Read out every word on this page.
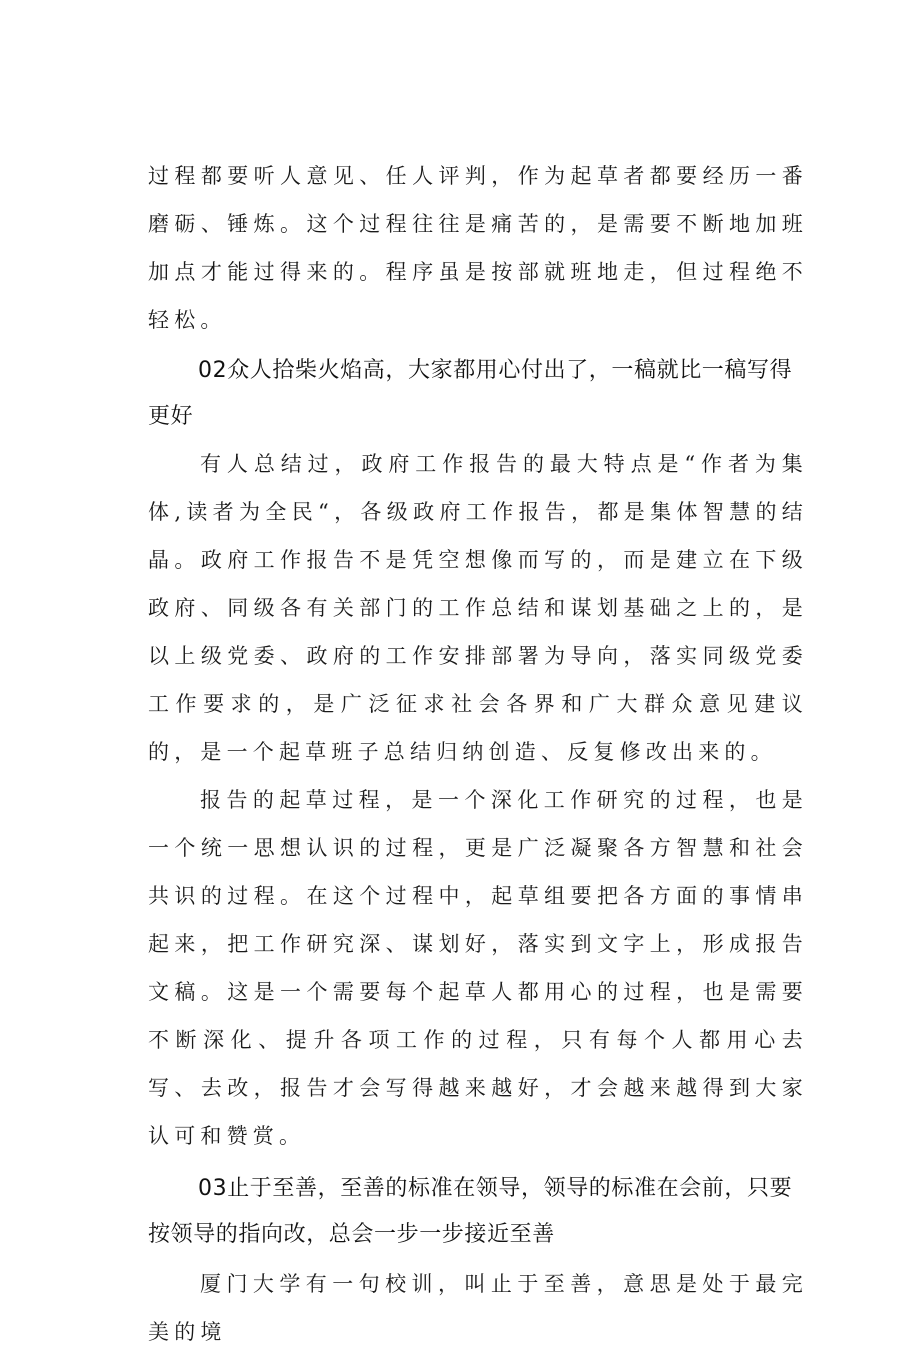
过程都要听人意见、任人评判，作为起草者都要经历一番磨砺、锤炼。这个过程往往是痛苦的，是需要不断地加班加点才能过得来的。程序虽是按部就班地走，但过程绝不轻松。

02众人拾柴火焰高，大家都用心付出了，一稿就比一稿写得更好

有人总结过，政府工作报告的最大特点是“作者为集体,读者为全民“，各级政府工作报告，都是集体智慧的结晶。政府工作报告不是凭空想像而写的，而是建立在下级政府、同级各有关部门的工作总结和谋划基础之上的，是以上级党委、政府的工作安排部署为导向，落实同级党委工作要求的，是广泛征求社会各界和广大群众意见建议的，是一个起草班子总结归纳创造、反复修改出来的。

报告的起草过程，是一个深化工作研究的过程，也是一个统一思想认识的过程，更是广泛凝聚各方智慧和社会共识的过程。在这个过程中，起草组要把各方面的事情串起来，把工作研究深、谋划好，落实到文字上，形成报告文稿。这是一个需要每个起草人都用心的过程，也是需要不断深化、提升各项工作的过程，只有每个人都用心去写、去改，报告才会写得越来越好，才会越来越得到大家认可和赞赏。

03止于至善，至善的标准在领导，领导的标准在会前，只要按领导的指向改，总会一步一步接近至善

厦门大学有一句校训，叫止于至善，意思是处于最完美的境
